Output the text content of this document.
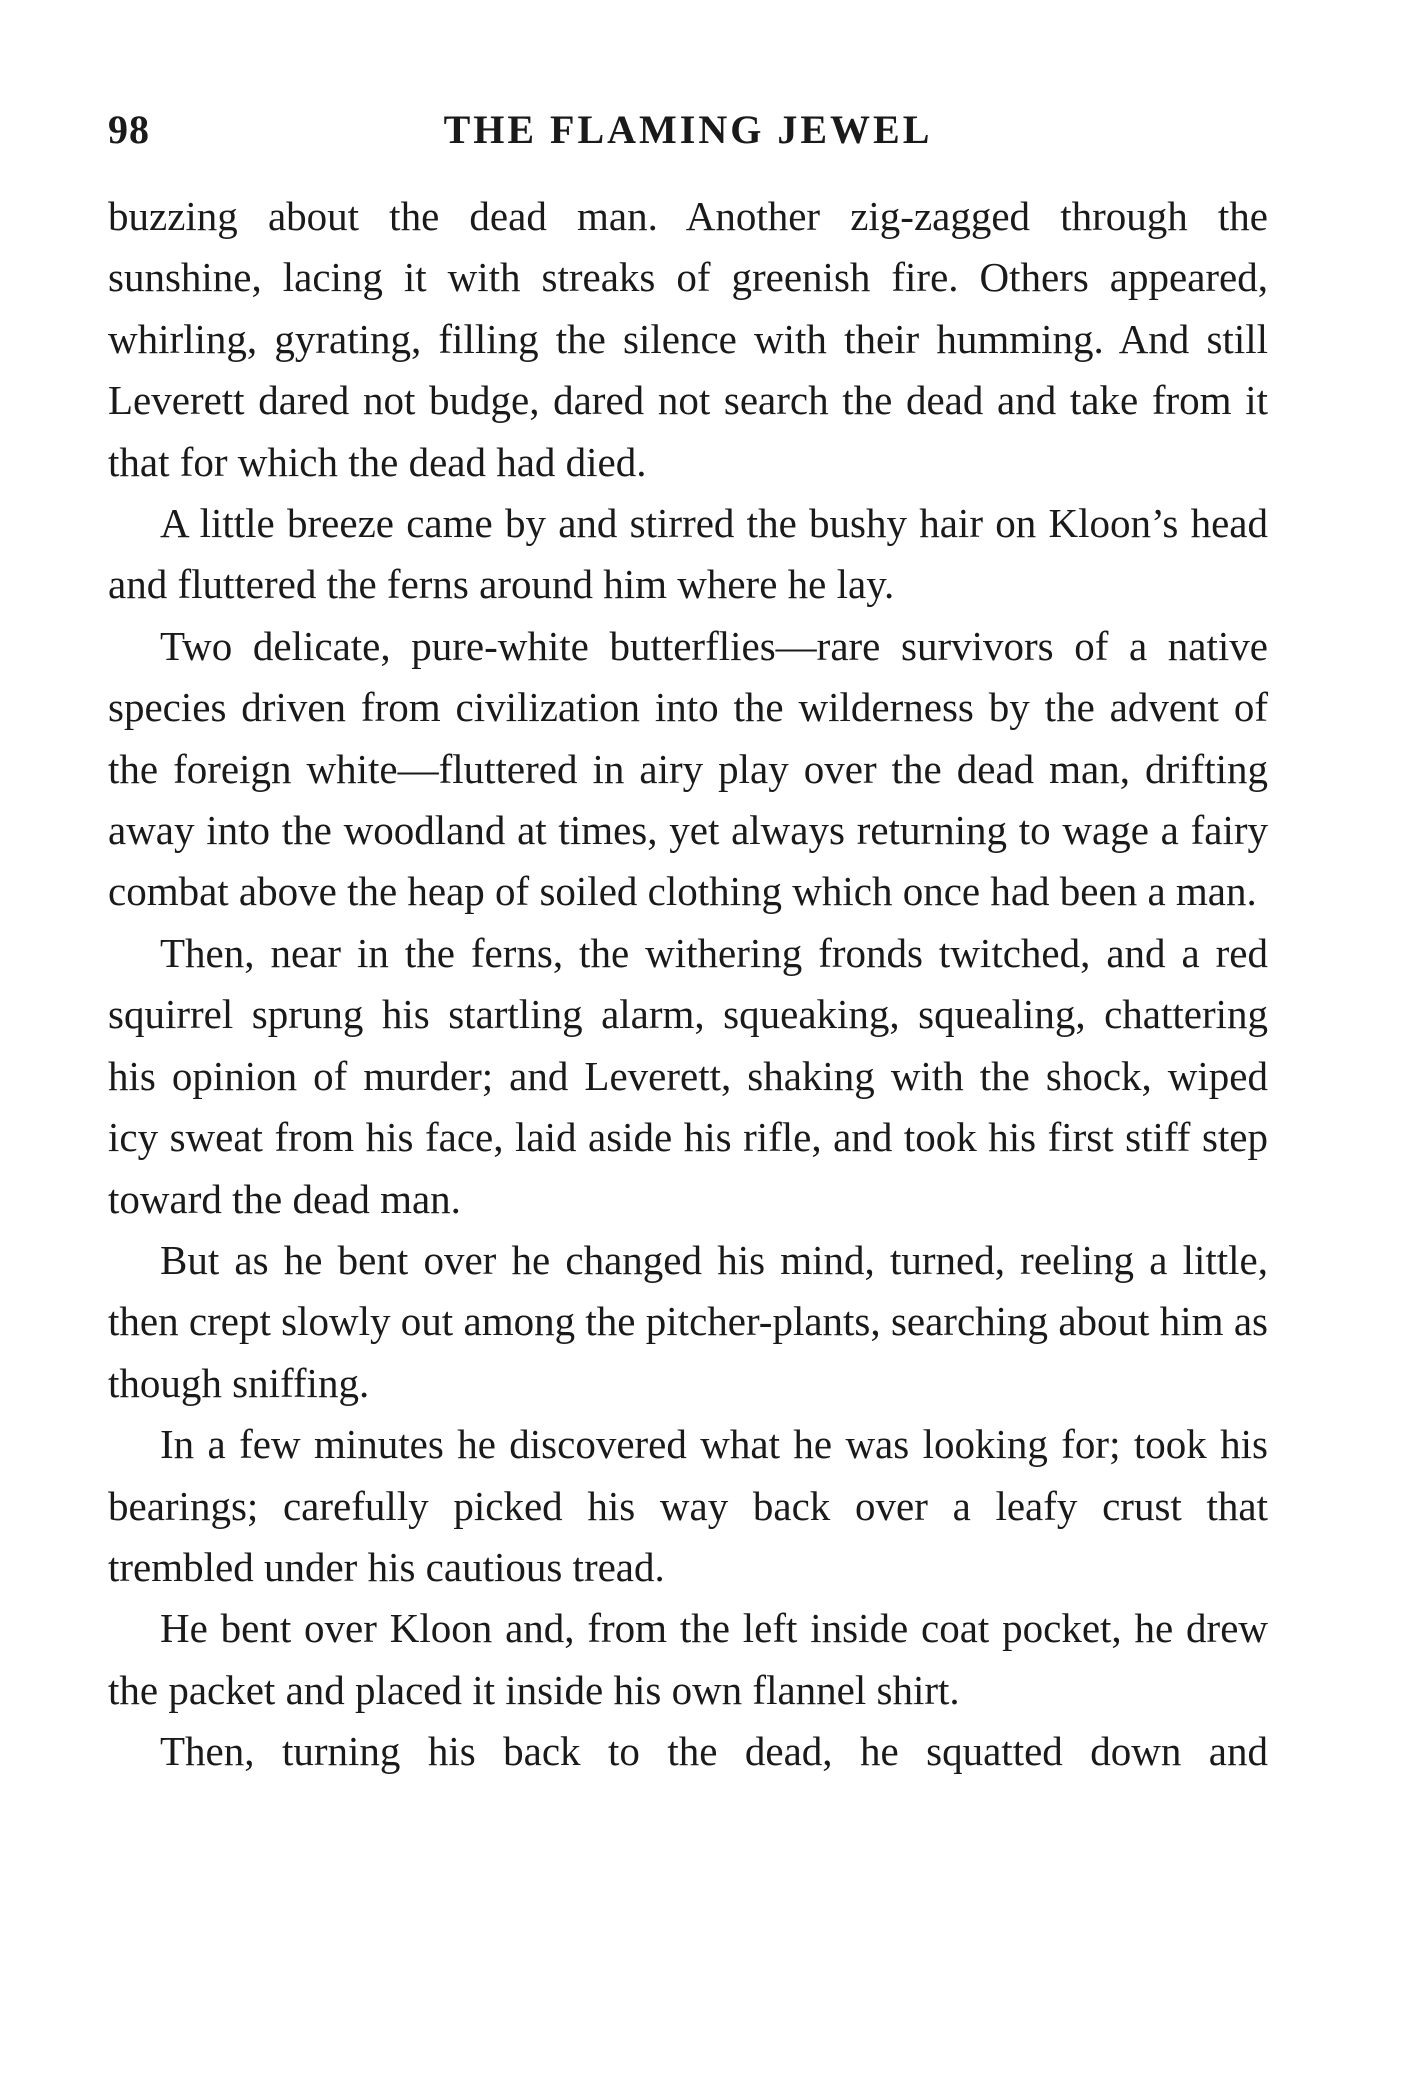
98	THE FLAMING JEWEL

buzzing about the dead man. Another zig-zagged through the sunshine, lacing it with streaks of greenish fire. Others appeared, whirling, gyrating, filling the silence with their humming. And still Leverett dared not budge, dared not search the dead and take from it that for which the dead had died.

A little breeze came by and stirred the bushy hair on Kloon’s head and fluttered the ferns around him where he lay.

Two delicate, pure-white butterflies—rare survivors of a native species driven from civilization into the wilderness by the advent of the foreign white—fluttered in airy play over the dead man, drifting away into the woodland at times, yet always returning to wage a fairy combat above the heap of soiled clothing which once had been a man.

Then, near in the ferns, the withering fronds twitched, and a red squirrel sprung his startling alarm, squeaking, squealing, chattering his opinion of murder; and Leverett, shaking with the shock, wiped icy sweat from his face, laid aside his rifle, and took his first stiff step toward the dead man.

But as he bent over he changed his mind, turned, reeling a little, then crept slowly out among the pitcher-plants, searching about him as though sniffing.

In a few minutes he discovered what he was looking for; took his bearings; carefully picked his way back over a leafy crust that trembled under his cautious tread.

He bent over Kloon and, from the left inside coat pocket, he drew the packet and placed it inside his own flannel shirt.

Then, turning his back to the dead, he squatted down and
